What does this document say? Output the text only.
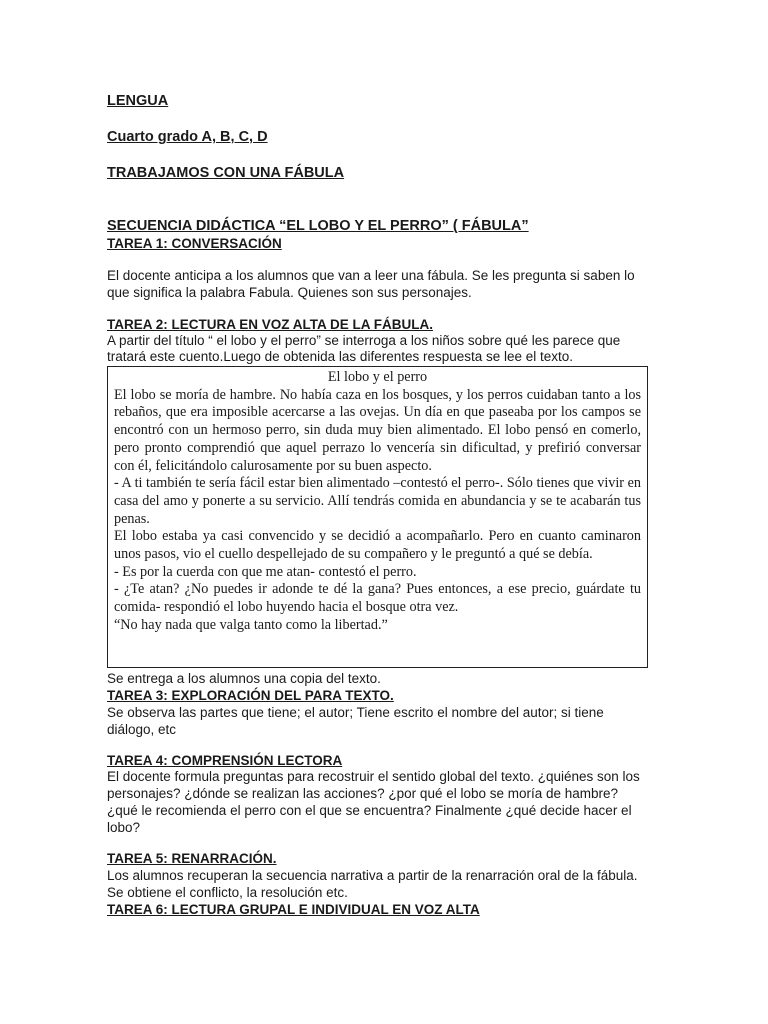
LENGUA
Cuarto grado A, B, C, D
TRABAJAMOS CON UNA FÁBULA
SECUENCIA DIDÁCTICA “EL LOBO Y EL PERRO” ( FÁBULA”
TAREA 1: CONVERSACIÓN
El docente anticipa a los alumnos que van a leer una fábula. Se les pregunta si saben lo
que significa la palabra Fabula. Quienes son sus personajes.
TAREA 2: LECTURA EN VOZ ALTA DE LA FÁBULA.
A partir del título “ el lobo y el perro” se interroga a los niños sobre qué les parece que
tratará este cuento.Luego de obtenida las diferentes respuesta se lee el texto.

El lobo y el perro

El lobo se moría de hambre. No había caza en los bosques, y los perros cuidaban tanto a los rebaños, que era imposible acercarse a las ovejas. Un día en que paseaba por los campos se encontró con un hermoso perro, sin duda muy bien alimentado. El lobo pensó en comerlo, pero pronto comprendió que aquel perrazo lo vencería sin dificultad, y prefirió conversar con él, felicitándolo calurosamente por su buen aspecto.

- A ti también te sería fácil estar bien alimentado –contestó el perro-. Sólo tienes que vivir en casa del amo y ponerte a su servicio. Allí tendrás comida en abundancia y se te acabarán tus penas.

El lobo estaba ya casi convencido y se decidió a acompañarlo. Pero en cuanto caminaron unos pasos, vio el cuello despellejado de su compañero y le preguntó a qué se debía.

- Es por la cuerda con que me atan- contestó el perro.

- ¿Te atan? ¿No puedes ir adonde te dé la gana? Pues entonces, a ese precio, guárdate tu comida- respondió el lobo huyendo hacia el bosque otra vez.

“No hay nada que valga tanto como la libertad.”

Se entrega a los alumnos una copia del texto.
TAREA 3: EXPLORACIÓN DEL PARA TEXTO.
Se observa las partes que tiene; el autor; Tiene escrito el nombre del autor; si tiene
diálogo, etc
TAREA 4: COMPRENSIÓN LECTORA
El docente formula preguntas para recostruir el sentido global del texto. ¿quiénes son los
personajes? ¿dónde se realizan las acciones? ¿por qué el lobo se moría de hambre?
¿qué le recomienda el perro con el que se encuentra? Finalmente ¿qué decide hacer el
lobo?
TAREA 5: RENARRACIÓN.
Los alumnos recuperan la secuencia narrativa a partir de la renarración oral de la fábula.
Se obtiene el conflicto, la resolución etc.
TAREA 6: LECTURA GRUPAL E INDIVIDUAL EN VOZ ALTA
